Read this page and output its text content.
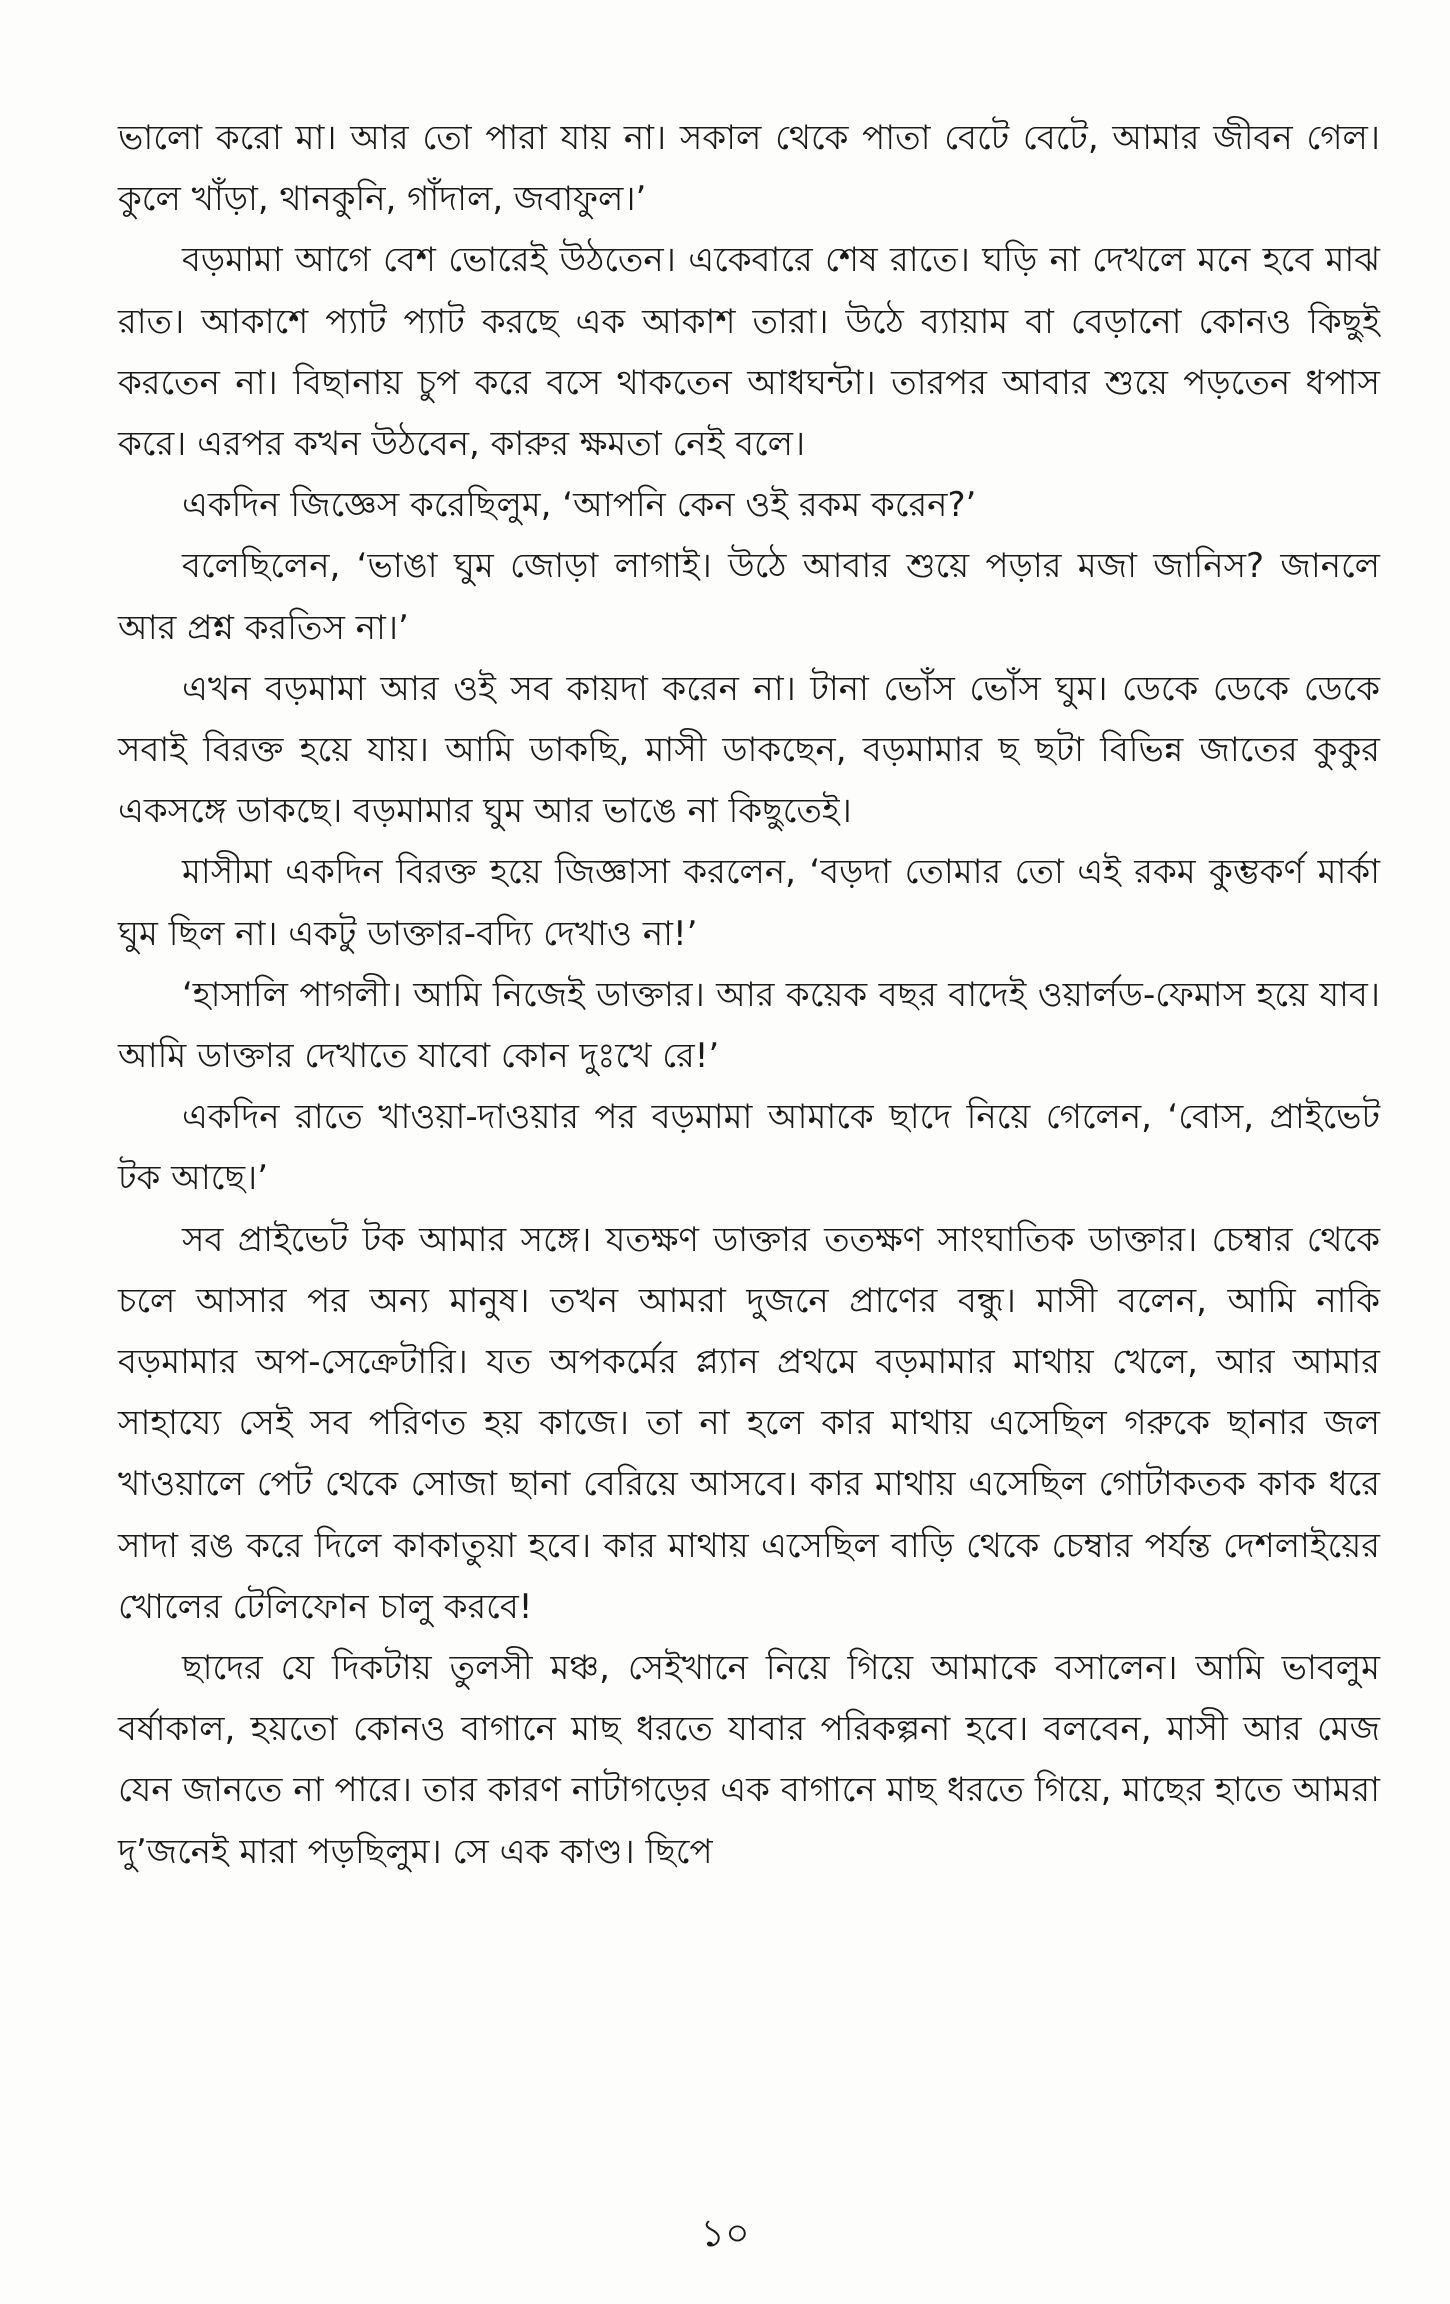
ভালো করো মা। আর তো পারা যায় না। সকাল থেকে পাতা বেটে বেটে, আমার জীবন গেল। কুলে খাঁড়া, থানকুনি, গাঁদাল, জবাফুল।’

বড়মামা আগে বেশ ভোরেই উঠতেন। একেবারে শেষ রাতে। ঘড়ি না দেখলে মনে হবে মাঝ রাত। আকাশে প্যাট প্যাট করছে এক আকাশ তারা। উঠে ব্যায়াম বা বেড়ানো কোনও কিছুই করতেন না। বিছানায় চুপ করে বসে থাকতেন আধঘন্টা। তারপর আবার শুয়ে পড়তেন ধপাস করে। এরপর কখন উঠবেন, কারুর ক্ষমতা নেই বলে।

একদিন জিজ্ঞেস করেছিলুম, ‘আপনি কেন ওই রকম করেন?’

বলেছিলেন, ‘ভাঙা ঘুম জোড়া লাগাই। উঠে আবার শুয়ে পড়ার মজা জানিস? জানলে আর প্রশ্ন করতিস না।’

এখন বড়মামা আর ওই সব কায়দা করেন না। টানা ভোঁস ভোঁস ঘুম। ডেকে ডেকে ডেকে সবাই বিরক্ত হয়ে যায়। আমি ডাকছি, মাসী ডাকছেন, বড়মামার ছ ছটা বিভিন্ন জাতের কুকুর একসঙ্গে ডাকছে। বড়মামার ঘুম আর ভাঙে না কিছুতেই।

মাসীমা একদিন বিরক্ত হয়ে জিজ্ঞাসা করলেন, ‘বড়দা তোমার তো এই রকম কুম্ভকর্ণ মার্কা ঘুম ছিল না। একটু ডাক্তার-বদ্যি দেখাও না!’

‘হাসালি পাগলী। আমি নিজেই ডাক্তার। আর কয়েক বছর বাদেই ওয়ার্লড-ফেমাস হয়ে যাব। আমি ডাক্তার দেখাতে যাবো কোন দুঃখে রে!’

একদিন রাতে খাওয়া-দাওয়ার পর বড়মামা আমাকে ছাদে নিয়ে গেলেন, ‘বোস, প্রাইভেট টক আছে।’

সব প্রাইভেট টক আমার সঙ্গে। যতক্ষণ ডাক্তার ততক্ষণ সাংঘাতিক ডাক্তার। চেম্বার থেকে চলে আসার পর অন্য মানুষ। তখন আমরা দুজনে প্রাণের বন্ধু। মাসী বলেন, আমি নাকি বড়মামার অপ-সেক্রেটারি। যত অপকর্মের প্ল্যান প্রথমে বড়মামার মাথায় খেলে, আর আমার সাহায্যে সেই সব পরিণত হয় কাজে। তা না হলে কার মাথায় এসেছিল গরুকে ছানার জল খাওয়ালে পেট থেকে সোজা ছানা বেরিয়ে আসবে। কার মাথায় এসেছিল গোটাকতক কাক ধরে সাদা রঙ করে দিলে কাকাতুয়া হবে। কার মাথায় এসেছিল বাড়ি থেকে চেম্বার পর্যন্ত দেশলাইয়ের খোলের টেলিফোন চালু করবে!

ছাদের যে দিকটায় তুলসী মঞ্চ, সেইখানে নিয়ে গিয়ে আমাকে বসালেন। আমি ভাবলুম বর্ষাকাল, হয়তো কোনও বাগানে মাছ ধরতে যাবার পরিকল্পনা হবে। বলবেন, মাসী আর মেজ যেন জানতে না পারে। তার কারণ নাটাগড়ের এক বাগানে মাছ ধরতে গিয়ে, মাছের হাতে আমরা দু’জনেই মারা পড়ছিলুম। সে এক কাণ্ড। ছিপে

১০
